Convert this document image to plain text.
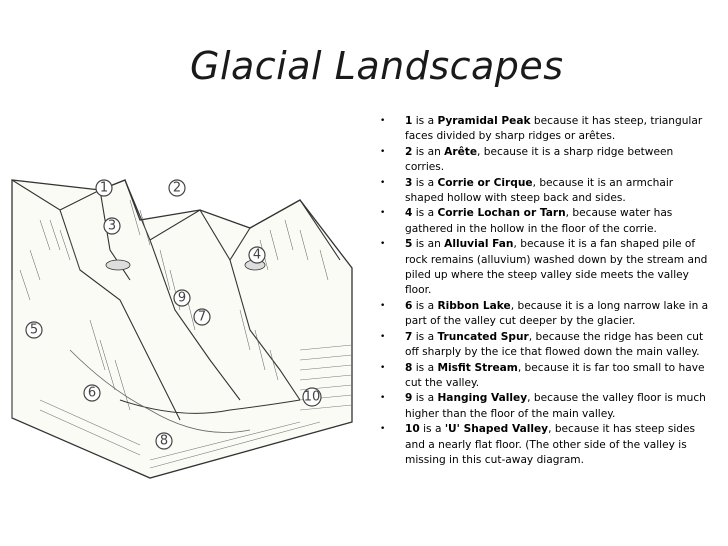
Glacial Landscapes
1	2
3
4
5
6
7
8
9
10
• 1 is a Pyramidal Peak because it has steep, triangular faces divided by sharp ridges or arêtes.
• 2 is an Arête, because it is a sharp ridge between corries.
• 3 is a Corrie or Cirque, because it is an armchair shaped hollow with steep back and sides.
• 4 is a Corrie Lochan or Tarn, because water has gathered in the hollow in the floor of the corrie.
• 5 is an Alluvial Fan, because it is a fan shaped pile of rock remains (alluvium) washed down by the stream and piled up where the steep valley side meets the valley floor.
• 6 is a Ribbon Lake, because it is a long narrow lake in a part of the valley cut deeper by the glacier.
• 7 is a Truncated Spur, because the ridge has been cut off sharply by the ice that flowed down the main valley.
• 8 is a Misfit Stream, because it is far too small to have cut the valley.
• 9 is a Hanging Valley, because the valley floor is much higher than the floor of the main valley.
• 10 is a 'U' Shaped Valley, because it has steep sides and a nearly flat floor. (The other side of the valley is missing in this cut-away diagram.
